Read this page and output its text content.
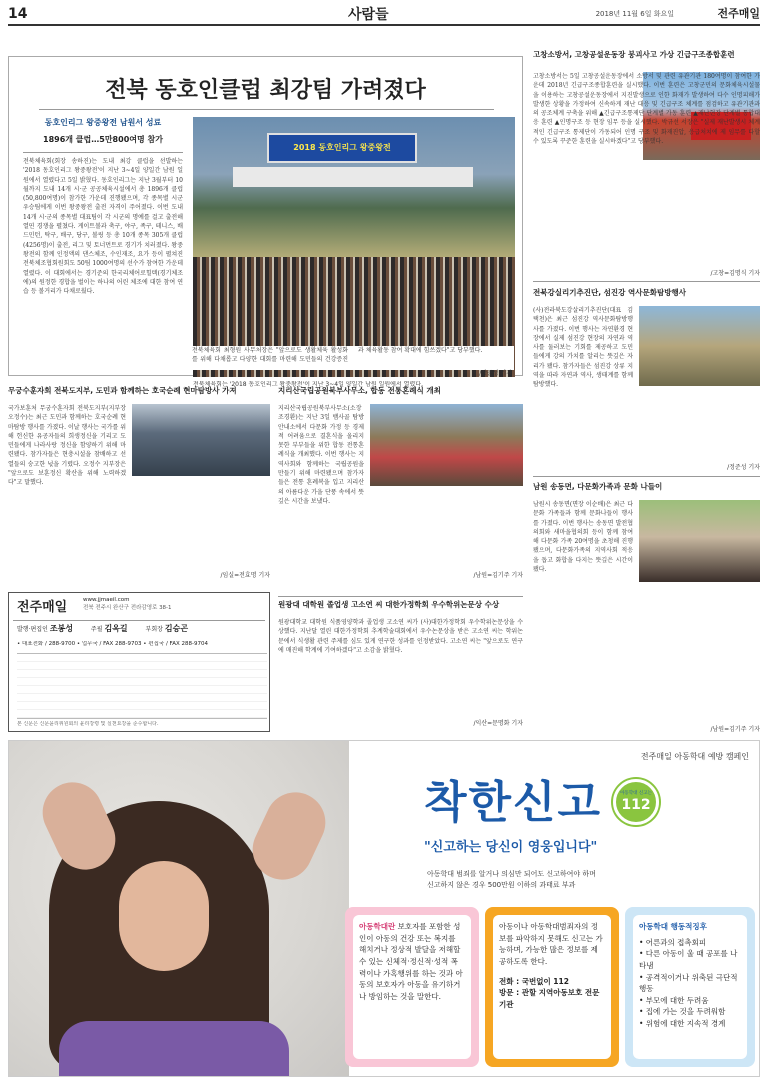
14	사람들	2018년 11월 6일 화요일	전주매일
전북 동호인클럽 최강팀 가려졌다
동호인리그 왕중왕전 남원서 성료
1896개 클럽…5만800여명 참가
전북체육회(회장 송하진)는 도내 최강 클럽을 선발하는 '2018 동호인리그 왕중왕전'이 지난 3~4일 양일간 남원 일원에서 열렸다고 5일 밝혔다. 동호인리그는 지난 3월부터 10월까지 도내 14개 시·군 공공체육시설에서 총 1896개 클럽(50,800여명)이 참가한 가운데 진행됐으며, 각 종목별 시군 우승팀에게 이번 왕중왕전 출전 자격이 주어졌다. 이번 도내 14개 시·군의 종목별 대표팀이 각 시군의 명예를 걸고 출전해 열띤 경쟁을 펼쳤다. 게이트볼과 축구, 야구, 족구, 테니스, 배드민턴, 탁구, 배구, 당구, 볼링 등 총 10개 종목 305개 클럽(4256명)이 출전, 리그 및 토너먼트로 경기가 치러졌다. 왕중왕전의 함께 인정액의 댄스체조, 수인재조, 요가 등이 펼쳐진 전북체조협회원회도 50팀 1000여명의 선수가 참여한 가운데 열렸다. 이 대회에서는 경기준의 한국리체어로힐텍(경기체조에)의 원정한 경합을 벌이는 하나의 어린 체조에 대한 참여 연습 등 볼거리가 다채로웠다.
2018 동호인리그 왕중왕전
전북체육회는 '2018 동호인리그 왕중왕전'이 지난 3~4일 양일간 남원 일원에서 열렸다.
전북체육회 최형원 사무처장은 "앞으로도 생활체육 활성화를 위해 다채롭고 다양한 대회를 마련해 도민들의 건강증진과 체육활동 참여 확대에 힘쓰겠다"고 당부했다.
/장준성 기자
고창소방서, 고창공설운동장 붕괴사고 가상 긴급구조종합훈련
고창소방서는 5일 고창공설운동장에서 소방서 및 관련 유관기관 180여명이 참여한 가운데 2018년 긴급구조종합훈련을 실시했다. 이번 훈련은 고창군민의 문화체육시설물을 이용하는 고창공설운동장에서 지진발생으로 인한 화재가 발생하여 다수 인명피해가 발생한 상황을 가정하여 신속하게 재난 대응 및 긴급구조 체계를 점검하고 유관기관과의 공조체계 구축을 위해 ▲긴급구조통제단 단계별 가동 훈련 ▲재난현장 단계별 통합대응 훈련 ▲인명구조 등 현장 임무 등을 실시했다. 박규선 서장은 "실제 재난발생시 체계적인 긴급구조 통제단이 가동되어 인명 구조 및 화재진압, 응급처치에 제 임무를 다할 수 있도록 꾸준한 훈련을 실시하겠다"고 당부했다.
/고창=김명식 기자
전북강실리기추진단, 섬진강 역사문화탐방행사
(사)전라북도강살리기추진단(대표 김택천)은 최근 섬진강 역사문화탐방행사를 가졌다. 이번 행사는 자연환경 현장에서 실제 섬진강 현장의 자연과 역사를 둘러보는 기회를 제공하고 도민들에게 강의 가치를 알리는 뜻깊은 자리가 됐다. 참가자들은 섬진강 상류 지역을 따라 자연과 역사, 생태계를 함께 탐방했다.
/정준성 기자
남원 송동면, 다문화가족과 문화 나들이
남원시 송동면(면장 이순배)은 최근 다문화 가족들과 함께 문화나들이 행사를 가졌다. 이번 행사는 송동면 발전협의회와 새마을협의회 등이 함께 참여해 다문화 가족 20여명을 초청해 진행됐으며, 다문화가족의 지역사회 적응을 돕고 화합을 다지는 뜻깊은 시간이 됐다.
/남원=김기주 기자
무궁수훈자회 전북도지부, 도민과 함께하는 호국순례 현마탐방사 가져
국가보훈처 무궁수훈자회 전북도지부(지부장 오정수)는 최근 도민과 함께하는 호국순례 현마탐방 행사를 가졌다. 이날 행사는 국가를 위해 헌신한 유공자들의 희생정신을 기리고 도민들에게 나라사랑 정신을 함양하기 위해 마련됐다. 참가자들은 현충시설을 참배하고 선열들의 숭고한 넋을 기렸다. 오정수 지부장은 "앞으로도 보훈정신 확산을 위해 노력하겠다"고 말했다.
/임실=전효명 기자
지리산국립공원북부사무소, 합동 전통혼례식 개최
지리산국립공원북부사무소(소장 조경환)는 지난 3일 뱀사골 탐방안내소에서 다문화 가정 등 경제적 어려움으로 결혼식을 올리지 못한 부부들을 위한 합동 전통혼례식을 개최했다. 이번 행사는 지역사회와 함께하는 국립공원을 만들기 위해 마련됐으며 참가자들은 전통 혼례복을 입고 지리산의 아름다운 가을 단풍 속에서 뜻깊은 시간을 보냈다.
/남원=김기주 기자
원광대 대학원 졸업생 고소연 씨 대한가정학회 우수학위논문상 수상
원광대학교 대학원 식품영양학과 졸업생 고소연 씨가 (사)대한가정학회 우수학위논문상을 수상했다. 지난달 열린 대한가정학회 추계학술대회에서 우수논문상을 받은 고소연 씨는 학위논문에서 식생활 관련 주제를 심도 있게 연구한 성과를 인정받았다. 고소연 씨는 "앞으로도 연구에 매진해 학계에 기여하겠다"고 소감을 밝혔다.
/익산=문명화 기자
전주매일	www.jjmaeil.com
전북 전주시 완산구 전라감영로 38-1
발행·편집인 조봉성	주필 김옥길	부회장 김승곤
• 대표전화 / 288-9700 • 업무국 / FAX 288-9703 • 편집국 / FAX 288-9704
본 신문은 신문윤리위원회의 윤리강령 및 실천요강을 준수합니다.
전주매일 아동학대 예방 캠페인
착한신고	아동학대 신고는
112
"신고하는 당신이 영웅입니다"
아동학대 범죄를 알거나 의심만 되어도 신고하여야 하며
신고하지 않은 경우 500만원 이하의 과태료 부과
아동학대란 보호자를 포함한 성인이 아동의 건강 또는 복지를 해치거나 정상적 발달을 저해할 수 있는 신체적·정신적·성적 폭력이나 가혹행위를 하는 것과 아동의 보호자가 아동을 유기하거나 방임하는 것을 말한다.
아동이나 아동학대범죄자의 정보를 파악하지 못해도 신고는 가능하며, 가능한 많은 정보를 제공하도록 한다.
전화 : 국번없이 112
방문 : 관할 지역아동보호 전문기관
아동학대 행동적징후
• 어른과의 접촉회피
• 다른 아동이 울 때 공포를 나타냄
• 공격적이거나 위축된 극단적 행동
• 부모에 대한 두려움
• 집에 가는 것을 두려워함
• 위험에 대한 지속적 경계
